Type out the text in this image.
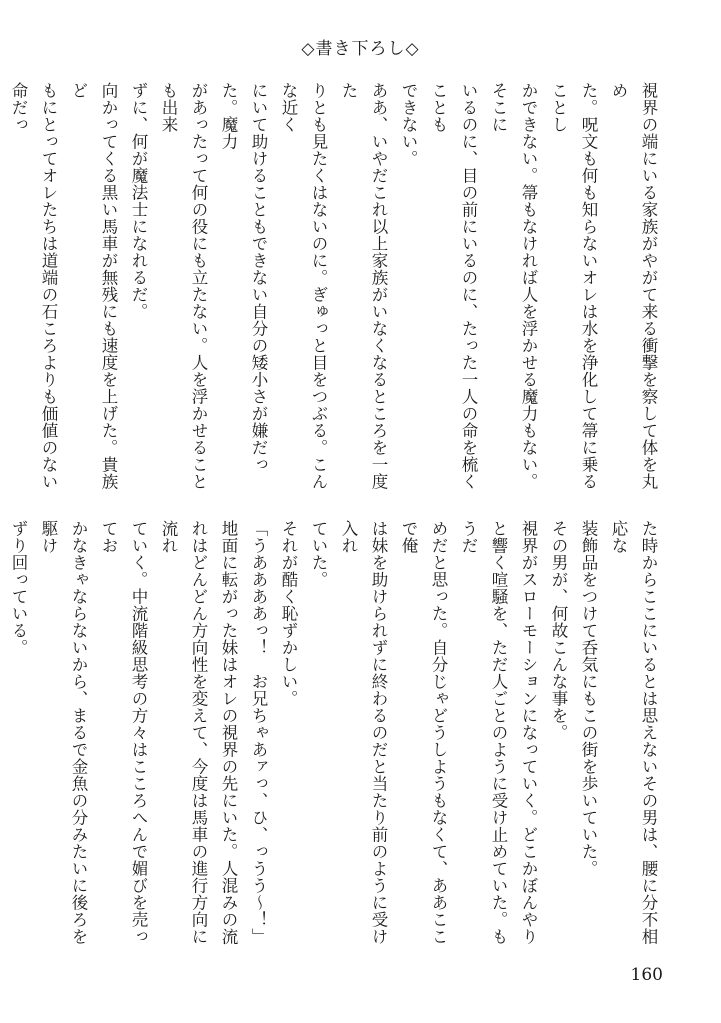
◇書き下ろし◇

視界の端にいる家族がやがて来る衝撃を察して体を丸め

た。呪文も何も知らないオレは水を浄化して箒に乗ることし

かできない。箒もなければ人を浮かせる魔力もない。そこに

いるのに、目の前にいるのに、たった一人の命を梳くことも

できない。

ああ、いやだこれ以上家族がいなくなるところを一度た

りとも見たくはないのに。ぎゅっと目をつぶる。こんな近く

にいて助けることもできない自分の矮小さが嫌だった。魔力

があったって何の役にも立たない。人を浮かせることも出来

ずに、何が魔法士になれるだ。

向かってくる黒い馬車が無残にも速度を上げた。貴族ど

もにとってオレたちは道端の石ころよりも価値のない命だっ

た時からここにいるとは思えないその男は、腰に分不相応な

装飾品をつけて呑気にもこの街を歩いていた。

その男が、何故こんな事を。

視界がスローモーションになっていく。どこかぼんやり

と響く喧騒を、ただ人ごとのように受け止めていた。もうだ

めだと思った。自分じゃどうしようもなくて、ああここで俺

は妹を助けられずに終わるのだと当たり前のように受け入れ

ていた。

それが酷く恥ずかしい。

「うああああっ！　お兄ちゃあァっ、ひ、っうう〜！」

地面に転がった妹はオレの視界の先にいた。人混みの流

れはどんどん方向性を変えて、今度は馬車の進行方向に流れ

ていく。中流階級思考の方々はこころへんで媚びを売ってお

かなきゃならないから、まるで金魚の分みたいに後ろを駆け

ずり回っている。

160
